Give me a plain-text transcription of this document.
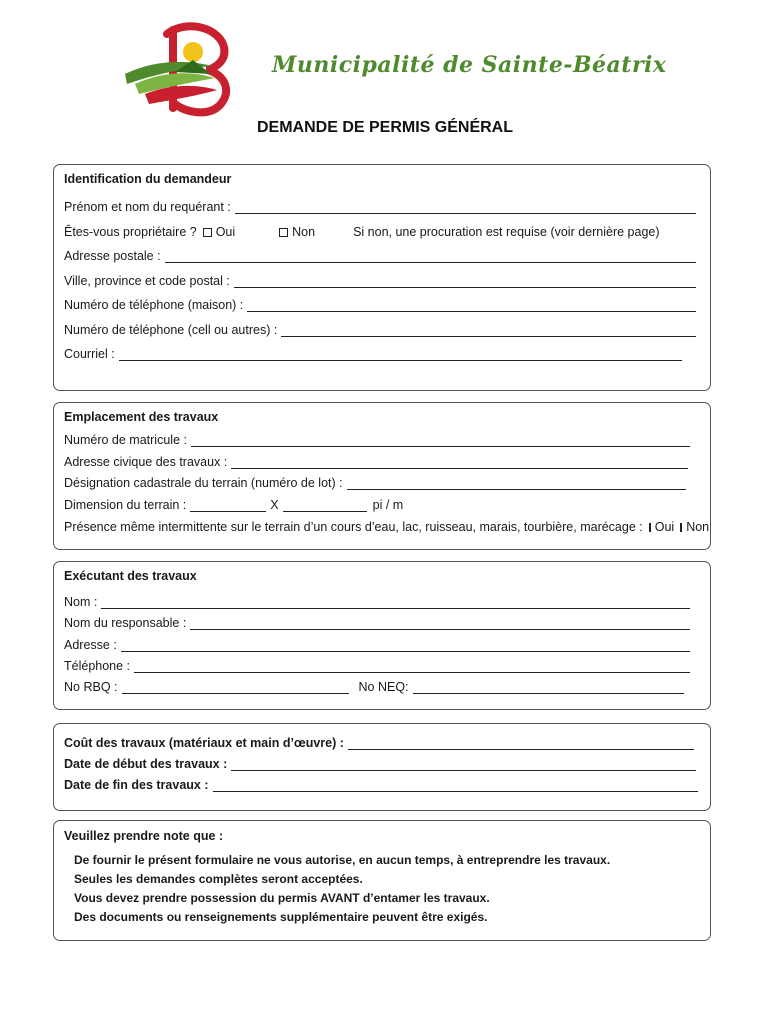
Municipalité de Sainte-Béatrix
DEMANDE DE PERMIS GÉNÉRAL
Identification du demandeur
Prénom et nom du requérant :
Êtes-vous propriétaire ? Oui	Non	Si non, une procuration est requise (voir dernière page)
Adresse postale :
Ville, province et code postal :
Numéro de téléphone (maison) :
Numéro de téléphone (cell ou autres) :
Courriel :
Emplacement des travaux
Numéro de matricule :
Adresse civique des travaux :
Désignation cadastrale du terrain (numéro de lot) :
Dimension du terrain :	X	pi / m
Présence même intermittente sur le terrain d’un cours d’eau, lac, ruisseau, marais, tourbière, marécage : Oui Non
Exécutant des travaux
Nom :
Nom du responsable :
Adresse :
Téléphone :
No RBQ :	No NEQ:
Coût des travaux (matériaux et main d’œuvre) :
Date de début des travaux :
Date de fin des travaux :
Veuillez prendre note que :
De fournir le présent formulaire ne vous autorise, en aucun temps, à entreprendre les travaux.
Seules les demandes complètes seront acceptées.
Vous devez prendre possession du permis AVANT d’entamer les travaux.
Des documents ou renseignements supplémentaire peuvent être exigés.
